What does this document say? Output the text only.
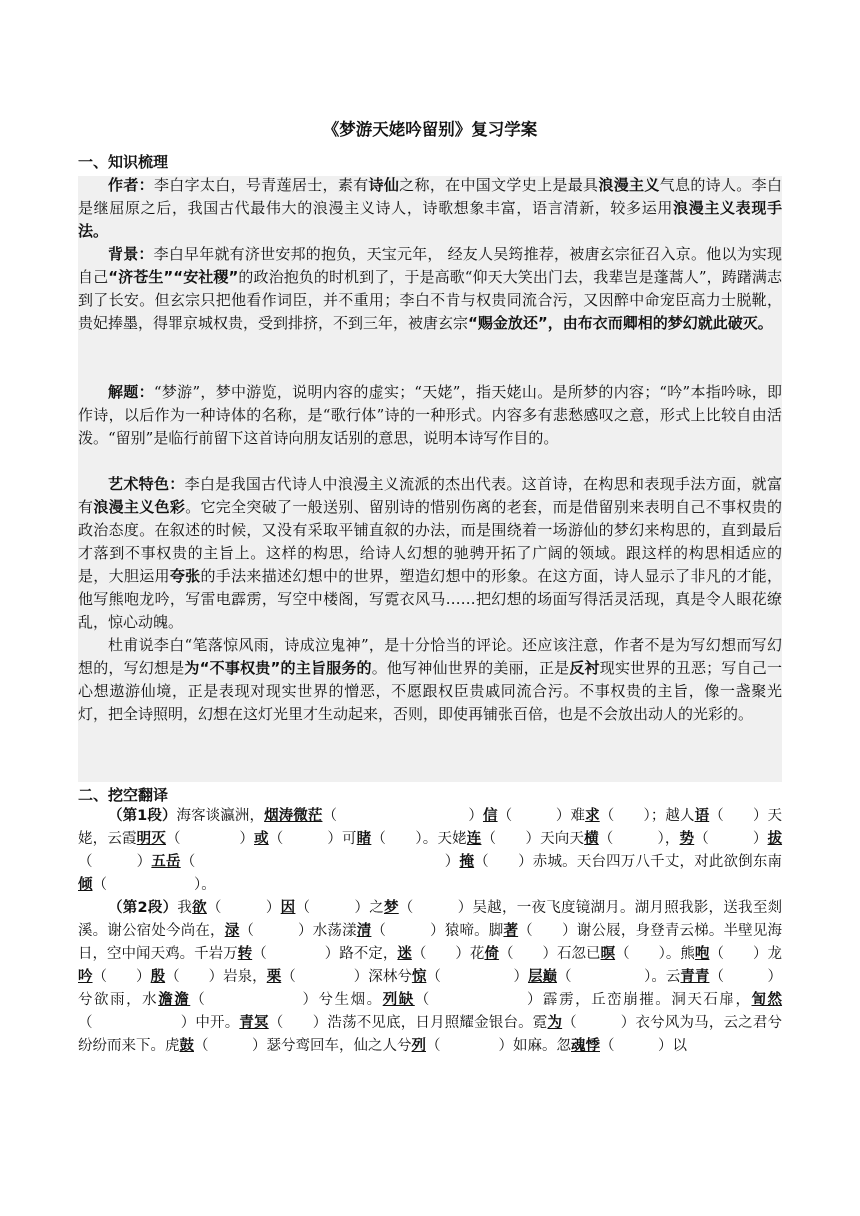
《梦游天姥吟留别》复习学案
一、知识梳理
作者：李白字太白，号青莲居士，素有诗仙之称，在中国文学史上是最具浪漫主义气息的诗人。李白是继屈原之后，我国古代最伟大的浪漫主义诗人，诗歌想象丰富，语言清新，较多运用浪漫主义表现手法。
背景：李白早年就有济世安邦的抱负，天宝元年， 经友人吴筠推荐，被唐玄宗征召入京。他以为实现自己“济苍生”“安社稷”的政治抱负的时机到了，于是高歌“仰天大笑出门去，我辈岂是蓬蒿人”，踌躇满志到了长安。但玄宗只把他看作词臣，并不重用；李白不肯与权贵同流合污，又因醉中命宠臣高力士脱靴，贵妃捧墨，得罪京城权贵，受到排挤，不到三年，被唐玄宗“赐金放还”，由布衣而卿相的梦幻就此破灭。
解题：“梦游”，梦中游览，说明内容的虚实；“天姥”，指天姥山。是所梦的内容；“吟”本指吟咏，即作诗，以后作为一种诗体的名称，是“歌行体”诗的一种形式。内容多有悲愁感叹之意，形式上比较自由活泼。“留别”是临行前留下这首诗向朋友话别的意思，说明本诗写作目的。
艺术特色：李白是我国古代诗人中浪漫主义流派的杰出代表。这首诗，在构思和表现手法方面，就富有浪漫主义色彩。它完全突破了一般送别、留别诗的惜别伤离的老套，而是借留别来表明自己不事权贵的政治态度。在叙述的时候，又没有采取平铺直叙的办法，而是围绕着一场游仙的梦幻来构思的，直到最后才落到不事权贵的主旨上。这样的构思，给诗人幻想的驰骋开拓了广阔的领域。跟这样的构思相适应的是，大胆运用夸张的手法来描述幻想中的世界，塑造幻想中的形象。在这方面，诗人显示了非凡的才能，他写熊咆龙吟，写雷电霹雳，写空中楼阁，写霓衣风马……把幻想的场面写得活灵活现，真是令人眼花缭乱，惊心动魄。
杜甫说李白“笔落惊风雨，诗成泣鬼神”，是十分恰当的评论。还应该注意，作者不是为写幻想而写幻想的，写幻想是为“不事权贵”的主旨服务的。他写神仙世界的美丽，正是反衬现实世界的丑恶；写自己一心想遨游仙境，正是表现对现实世界的憎恶，不愿跟权臣贵戚同流合污。不事权贵的主旨，像一盏聚光灯，把全诗照明，幻想在这灯光里才生动起来，否则，即使再铺张百倍，也是不会放出动人的光彩的。
二、挖空翻译
（第1段）海客谈瀛洲，烟涛微茫（　　　　　　　　　）信（　　　）难求（　　）；越人语（　　）天姥，云霞明灭（　　　　）或（　　　）可睹（　　）。天姥连（　　）天向天横（　　　），势（　　　）拔（　　　）五岳（　　　　　　　　　　　　　　　　　）掩（　　）赤城。天台四万八千丈，对此欲倒东南倾（　　　　　　）。
（第2段）我欲（　　　）因（　　　）之梦（　　　）吴越，一夜飞度镜湖月。湖月照我影，送我至剡溪。谢公宿处今尚在，渌（　　　）水荡漾清（　　　）猿啼。脚著（　　）谢公屐，身登青云梯。半壁见海日，空中闻天鸡。千岩万转（　　　　）路不定，迷（　　）花倚（　　）石忽已暝（　　）。熊咆（　　）龙吟（　　）殷（　　）岩泉，栗（　　　　）深林兮惊（　　　　　）层巅（　　　　　）。云青青（　　　）兮欲雨，水澹澹（　　　　　　）兮生烟。列缺（　　　　　　）霹雳，丘峦崩摧。洞天石扉，訇然（　　　　　　）中开。青冥（　　）浩荡不见底，日月照耀金银台。霓为（　　　）衣兮风为马，云之君兮纷纷而来下。虎鼓（　　　）瑟兮鸾回车，仙之人兮列（　　　　）如麻。忽魂悸（　　　）以
